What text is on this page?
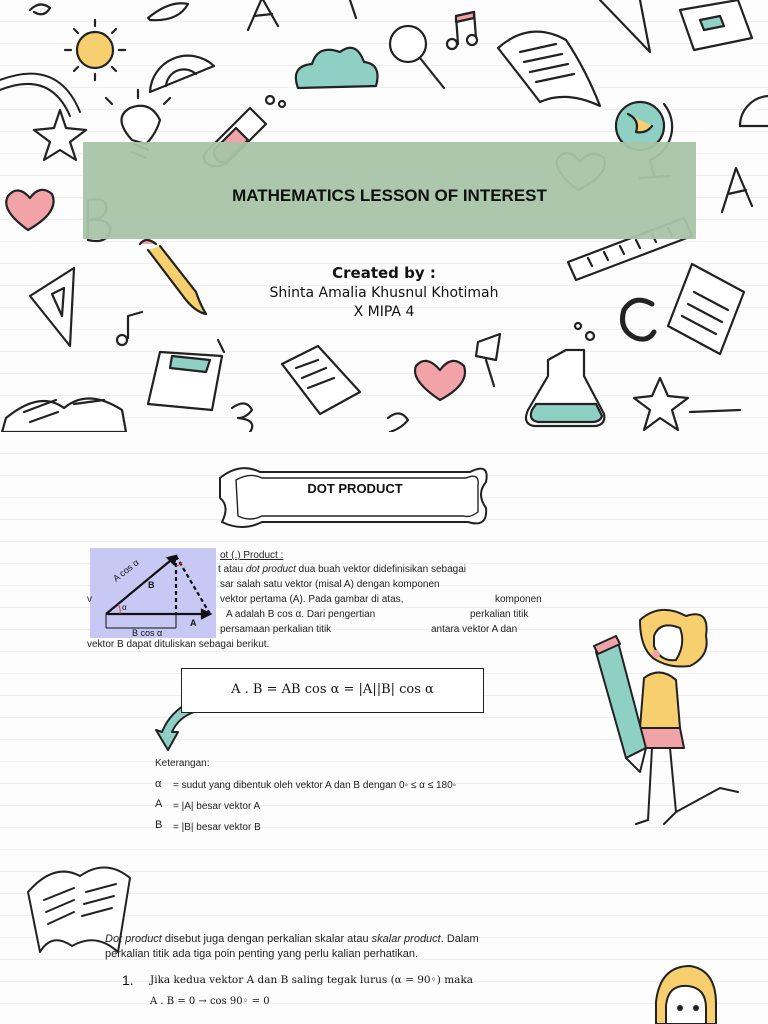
MATHEMATICS LESSON OF INTEREST
Created by :
Shinta Amalia Khusnul Khotimah
X MIPA 4
DOT PRODUCT
A cos α
B
A
α
B cos α
ot (.) Product :
t atau dot product dua buah vektor didefinisikan sebagai
sar salah satu vektor (misal A) dengan komponen
v	vektor pertama (A). Pada gambar di atas,	komponen
A adalah B cos α. Dari pengertian	perkalian titik
persamaan perkalian titik	antara vektor A dan
vektor B dapat dituliskan sebagai berikut.
A . B = AB cos α = |A||B| cos α
Keterangan:
α = sudut yang dibentuk oleh vektor A dan B dengan 0◦ ≤ α ≤ 180◦
A = |A| besar vektor A
B = |B| besar vektor B
Dot product disebut juga dengan perkalian skalar atau skalar product. Dalam
perkalian titik ada tiga poin penting yang perlu kalian perhatikan.
1. Jika kedua vektor A dan B saling tegak lurus (α = 90◦) maka
A . B = 0 → cos 90◦ = 0
